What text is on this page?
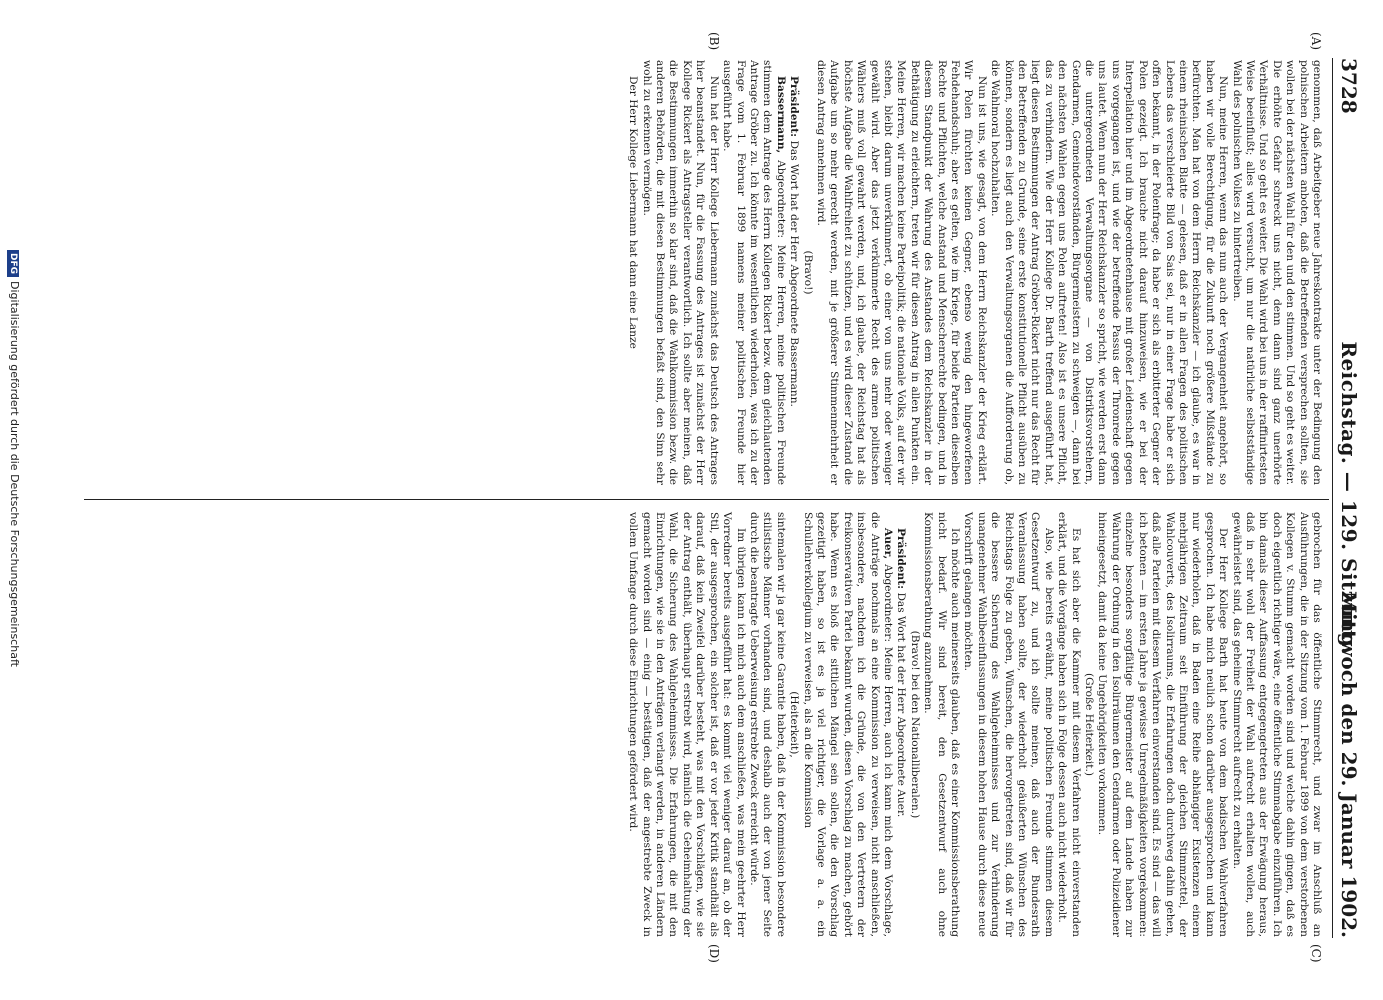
3728
Reichstag. — 129. Sitzung.
Mittwoch den 29. Januar 1902.
(A)
(B)
(C)
(D)

genommen, daß Arbeitgeber neue Jahreskontrakte unter der Bedingung den polnischen Arbeitern anboten, daß die Betreffenden versprechen sollten, sie wollen bei der nächsten Wahl für den und den stimmen. Und so geht es weiter. Die erhöhte Gefahr schreckt uns nicht, denn dann sind ganz unerhörte Verhältnisse. Und so geht es weiter. Die Wahl wird bei uns in der raffinirtesten Weise beeinflußt; alles wird versucht, um nur die natürliche selbstständige Wahl des polnischen Volkes zu hintertreiben.

Nun, meine Herren, wenn das nun auch der Vergangenheit angehört, so haben wir volle Berechtigung, für die Zukunft noch größere Mißstände zu befürchten. Man hat von dem Herrn Reichskanzler — ich glaube, es war in einem rheinischen Blatte — gelesen, daß er in allen Fragen des politischen Lebens das verschleierte Bild von Sais sei, nur in einer Frage habe er sich offen bekannt, in der Polenfrage; da habe er sich als erbitterter Gegner der Polen gezeigt. Ich brauche nicht darauf hinzuweisen, wie er bei der Interpellation hier und im Abgeordnetenhause mit großer Leidenschaft gegen uns vorgegangen ist, und wie der betreffende Passus der Thronrede gegen uns lautet. Wenn nun der Herr Reichskanzler so spricht, wie werden erst dann die untergeordneten Verwaltungsorgane — von Distriktsvorstehern, Gendarmen, Gemeindevorständen, Bürgermeistern zu schweigen —, dann bei den nächsten Wahlen gegen uns Polen auftreten! Also ist es unsere Pflicht, das zu verhindern. Wie der Herr Kollege Dr. Barth treffend ausgeführt hat, liegt diesen Bestimmungen der Antrag Gröber-Rickert nicht nur das Recht für den Betreffenden zu Grunde, seine erste konstitutionelle Pflicht ausüben zu können, sondern es liegt auch den Verwaltungsorganen die Aufforderung ob, die Wahlmoral hochzuhalten.

Nun ist uns, wie gesagt, von dem Herrn Reichskanzler der Krieg erklärt. Wir Polen fürchten keinen Gegner, ebenso wenig den hingeworfenen Fehdehandschuh; aber es gelten, wie im Kriege, für beide Parteien dieselben Rechte und Pflichten, welche Anstand und Menschenrechte bedingen, und in diesem Standpunkt der Wahrung des Anstandes dem Reichskanzler in der Bethätigung zu erleichtern, treten wir für diesen Antrag in allen Punkten ein. Meine Herren, wir machen keine Parteipolitik; die nationale Volks, auf der wir stehen, bleibt darum unverkümmert, ob einer von uns mehr oder weniger gewählt wird. Aber das jetzt verkümmerte Recht des armen politischen Wählers muß voll gewahrt werden, und, ich glaube, der Reichstag hat als höchste Aufgabe die Wahlfreiheit zu schützen, und es wird dieser Zustand die Aufgabe um so mehr gerecht werden, mit je größerer Stimmenmehrheit er diesen Antrag annehmen wird.

(Bravo!)

Präsident: Das Wort hat der Herr Abgeordnete Bassermann.

Bassermann, Abgeordneter: Meine Herren, meine politischen Freunde stimmen dem Antrage des Herrn Kollegen Rickert bezw. dem gleichlautenden Antrage Gröber zu. Ich könnte im wesentlichen wiederholen, was ich zu der Frage vom 1. Februar 1899 namens meiner politischen Freunde hier ausgeführt habe.

Nun hat der Herr Kollege Liebermann zunächst das Deutsch des Antrages hier beanstandet. Nun, für die Fassung des Antrages ist zunächst der Herr Kollege Rickert als Antragsteller verantwortlich. Ich sollte aber meinen, daß die Bestimmungen immerhin so klar sind, daß die Wahlkommission bezw. die anderen Behörden, die mit diesen Bestimmungen befaßt sind, den Sinn sehr wohl zu erkennen vermögen.

Der Herr Kollege Liebermann hat dann eine Lanze

gebrochen für das öffentliche Stimmrecht, und zwar im Anschluß an Ausführungen, die in der Sitzung vom 1. Februar 1899 von dem verstorbenen Kollegen v. Stumm gemacht worden sind und welche dahin gingen, daß es doch eigentlich richtiger wäre, eine öffentliche Stimmabgabe einzuführen. Ich bin damals dieser Auffassung entgegengetreten aus der Erwägung heraus, daß in sehr wohl der Freiheit der Wahl aufrecht erhalten wollen, auch gewährleistet sind, das geheime Stimmrecht aufrecht zu erhalten.

Der Herr Kollege Barth hat heute von dem badischen Wahlverfahren gesprochen. Ich habe mich neulich schon darüber ausgesprochen und kann nur wiederholen, daß in Baden eine Reihe abhängiger Existenzen einem mehrjährigen Zeitraum seit Einführung der gleichen Stimmzettel, der Wahlcouverts, des Isolirraums, die Erfahrungen doch durchweg dahin gehen, daß alle Parteien mit diesem Verfahren einverstanden sind. Es sind — das will ich betonen — im ersten Jahre ja gewisse Unregelmäßigkeiten vorgekommen: einzelne besonders sorgfältige Bürgermeister auf dem Lande haben zur Wahrung der Ordnung in den Isolirräumen den Gendarmen oder Polizeidiener hineingesetzt, damit da keine Ungehörigkeiten vorkommen.

(Große Heiterkeit.)

Es hat sich aber die Kammer mit diesem Verfahren nicht einverstanden erklärt, und die Vorgänge haben sich in Folge dessen auch nicht wiederholt.

Also, wie bereits erwähnt, meine politischen Freunde stimmen diesem Gesetzentwurf zu, und ich sollte meinen, daß auch der Bundesrath Veranlassung haben sollte, der wiederholt geäußerten Wünschen des Reichstags Folge zu geben, Wünschen, die hervorgetreten sind, daß wir für die bessere Sicherung des Wahlgeheimnisses und zur Verhinderung unangenehmer Wahlbeeinflussungen in diesem hohen Hause durch diese neue Vorschrift gelangen möchten.

Ich möchte auch meinerseits glauben, daß es einer Kommissionsberathung nicht bedarf. Wir sind bereit, den Gesetzentwurf auch ohne Kommissionsberathung anzunehmen.

(Bravo! bei den Nationalliberalen.)

Präsident: Das Wort hat der Herr Abgeordnete Auer.

Auer, Abgeordneter: Meine Herren, auch ich kann mich dem Vorschlage, die Anträge nochmals an eine Kommission zu verweisen, nicht anschließen, insbesondere, nachdem ich die Gründe, die von den Vertretern der freikonservativen Partei bekannt wurden, diesen Vorschlag zu machen, gehört habe. Wenn es bloß die sittlichen Mängel sein sollen, die den Vorschlag gezeitigt haben, so ist es ja viel richtiger, die Vorlage a. a. ein Schullehrerkollegium zu verweisen, als an die Kommission

(Heiterkeit),

sintemalen wir ja gar keine Garantie haben, daß in der Kommission besondere stilistische Männer vorhanden sind, und deshalb auch der von jener Seite durch die beantragte Ueberweisung erstrebte Zweck erreicht würde.

Im übrigen kann ich mich auch dem anschließen, was mein geehrter Herr Vorredner bereits ausgeführt hat: es kommt viel weniger darauf an, ob der Stil, der ausgesprochen, ein solcher ist, daß er vor jeder Kritik standhält als darauf, daß kein Zweifel darüber besteht, was mit den Vorschlägen, wie sie der Antrag enthält, überhaupt erstrebt wird, nämlich die Geheimhaltung der Wahl, die Sicherung des Wahlgeheimnisses. Die Erfahrungen, die mit den Einrichtungen, wie sie in den Anträgen verlangt werden, in anderen Ländern gemacht worden sind — einig — bestätigen, daß der angestrebte Zweck in vollem Umfange durch diese Einrichtungen gefördert wird.

DFGDigitalisierung gefördert durch die Deutsche Forschungsgemeinschaft
